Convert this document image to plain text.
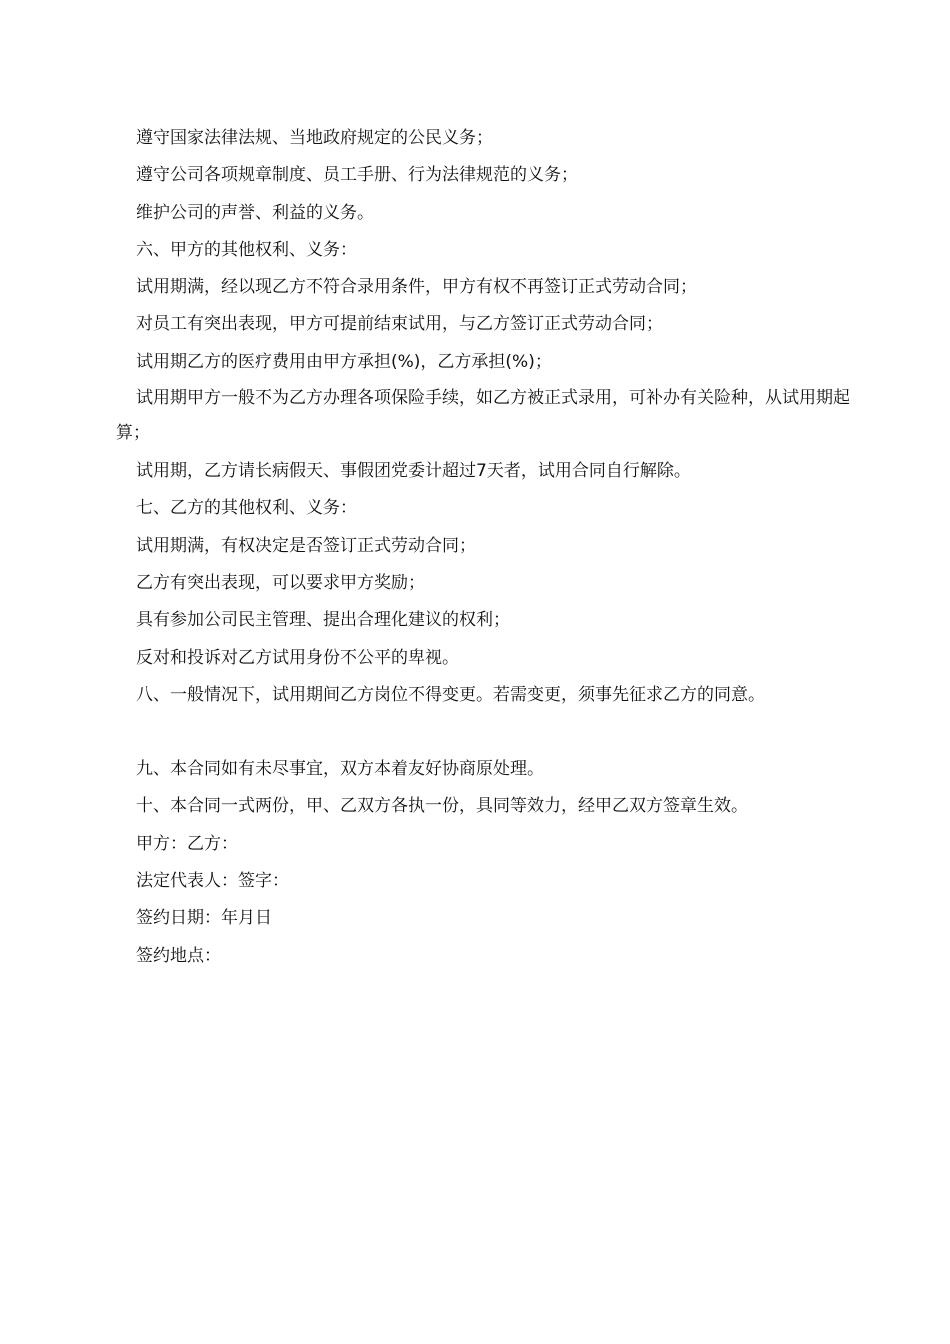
遵守国家法律法规、当地政府规定的公民义务；

遵守公司各项规章制度、员工手册、行为法律规范的义务；

维护公司的声誉、利益的义务。

六、甲方的其他权利、义务：

试用期满，经以现乙方不符合录用条件，甲方有权不再签订正式劳动合同；

对员工有突出表现，甲方可提前结束试用，与乙方签订正式劳动合同；

试用期乙方的医疗费用由甲方承担(%)，乙方承担(%)；

试用期甲方一般不为乙方办理各项保险手续，如乙方被正式录用，可补办有关险种，从试用期起算；

试用期，乙方请长病假天、事假团党委计超过7天者，试用合同自行解除。

七、乙方的其他权利、义务：

试用期满，有权决定是否签订正式劳动合同；

乙方有突出表现，可以要求甲方奖励；

具有参加公司民主管理、提出合理化建议的权利；

反对和投诉对乙方试用身份不公平的卑视。

八、一般情况下，试用期间乙方岗位不得变更。若需变更，须事先征求乙方的同意。

九、本合同如有未尽事宜，双方本着友好协商原处理。

十、本合同一式两份，甲、乙双方各执一份，具同等效力，经甲乙双方签章生效。

甲方：乙方：

法定代表人：签字：

签约日期：年月日

签约地点：
